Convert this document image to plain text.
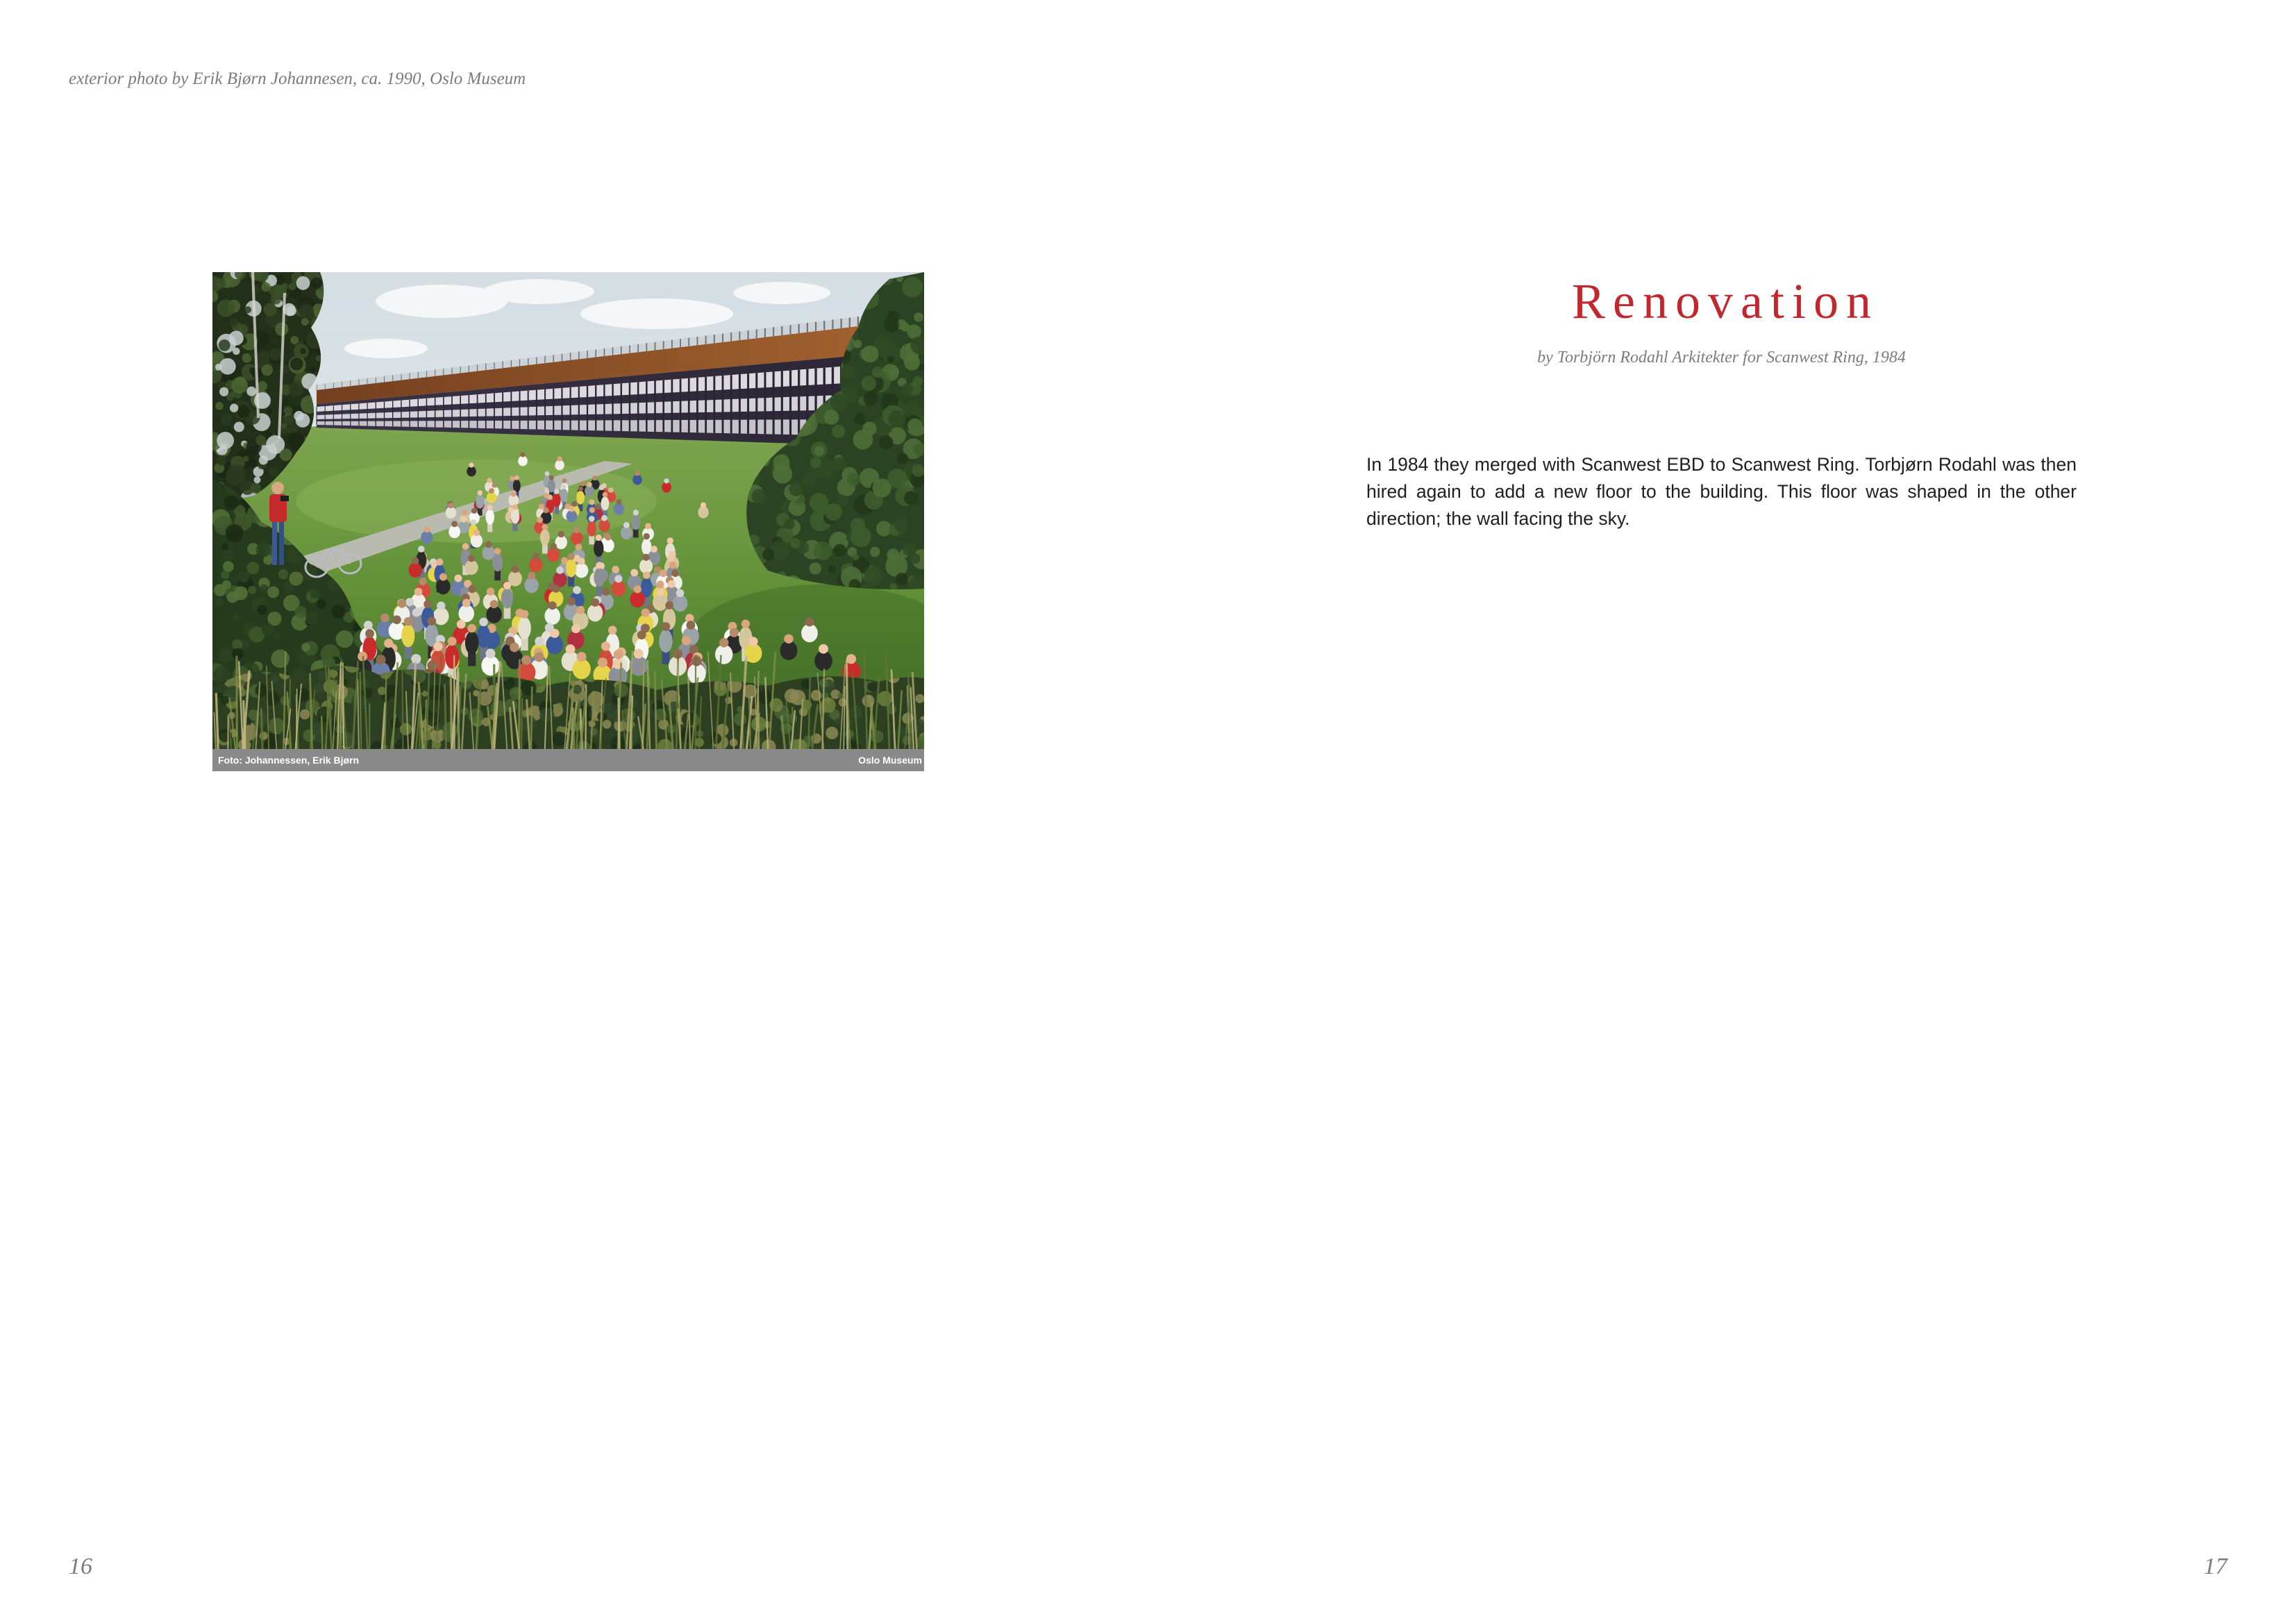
exterior photo by Erik Bjørn Johannesen, ca. 1990, Oslo Museum
Foto: Johannessen, Erik Bjørn	Oslo Museum
Renovation
by Torbjörn Rodahl Arkitekter for Scanwest Ring, 1984

In 1984 they merged with Scanwest EBD to Scanwest Ring. Torbjørn Rodahl was then hired again to add a new floor to the building. This floor was shaped in the other direction; the wall facing the sky.

16	17
